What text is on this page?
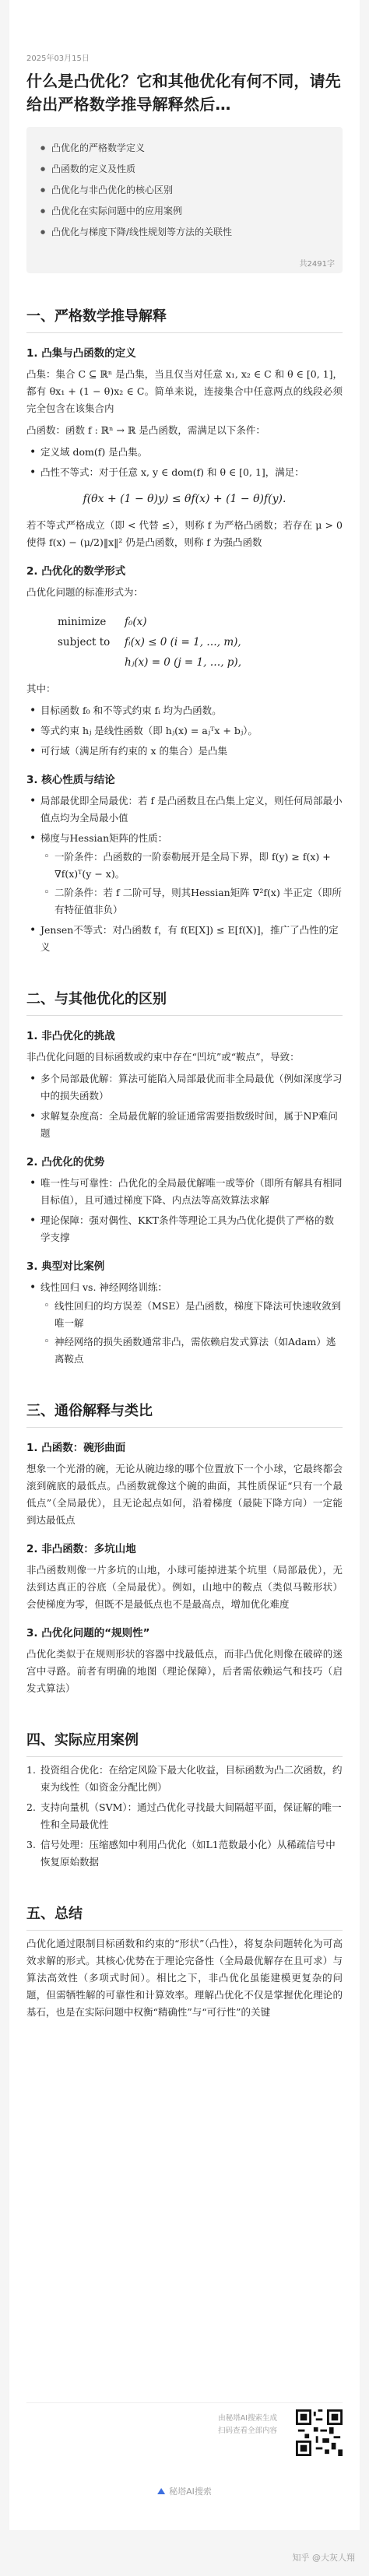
2025年03月15日
什么是凸优化？它和其他优化有何不同，请先给出严格数学推导解释然后…
● 凸优化的严格数学定义
● 凸函数的定义及性质
● 凸优化与非凸优化的核心区别
● 凸优化在实际问题中的应用案例
● 凸优化与梯度下降/线性规划等方法的关联性
共2491字
一、严格数学推导解释
1. 凸集与凸函数的定义

凸集：集合 C ⊆ ℝⁿ 是凸集，当且仅当对任意 x₁, x₂ ∈ C 和 θ ∈ [0, 1]，都有 θx₁ + (1 − θ)x₂ ∈ C。简单来说，连接集合中任意两点的线段必须完全包含在该集合内

凸函数：函数 f : ℝⁿ → ℝ 是凸函数，需满足以下条件：

• 定义域 dom(f) 是凸集。
• 凸性不等式：对于任意 x, y ∈ dom(f) 和 θ ∈ [0, 1]，满足：
f(θx + (1 − θ)y) ≤ θf(x) + (1 − θ)f(y).

若不等式严格成立（即 < 代替 ≤），则称 f 为严格凸函数；若存在 μ > 0 使得 f(x) − (μ/2)‖x‖² 仍是凸函数，则称 f 为强凸函数

2. 凸优化的数学形式

凸优化问题的标准形式为：

minimize	f₀(x)
subject to	fᵢ(x) ≤ 0 (i = 1, …, m),
hⱼ(x) = 0 (j = 1, …, p),

其中：

• 目标函数 f₀ 和不等式约束 fᵢ 均为凸函数。
• 等式约束 hⱼ 是线性函数（即 hⱼ(x) = aⱼᵀx + bⱼ）。
• 可行域（满足所有约束的 x 的集合）是凸集
3. 核心性质与结论
• 局部最优即全局最优：若 f 是凸函数且在凸集上定义，则任何局部最小值点均为全局最小值
• 梯度与Hessian矩阵的性质：
◦ 一阶条件：凸函数的一阶泰勒展开是全局下界，即 f(y) ≥ f(x) + ∇f(x)ᵀ(y − x)。
◦ 二阶条件：若 f 二阶可导，则其Hessian矩阵 ∇²f(x) 半正定（即所有特征值非负）
• Jensen不等式：对凸函数 f，有 f(E[X]) ≤ E[f(X)]，推广了凸性的定义
二、与其他优化的区别
1. 非凸优化的挑战

非凸优化问题的目标函数或约束中存在“凹坑”或“鞍点”，导致：

• 多个局部最优解：算法可能陷入局部最优而非全局最优（例如深度学习中的损失函数）
• 求解复杂度高：全局最优解的验证通常需要指数级时间，属于NP难问题
2. 凸优化的优势
• 唯一性与可靠性：凸优化的全局最优解唯一或等价（即所有解具有相同目标值），且可通过梯度下降、内点法等高效算法求解
• 理论保障：强对偶性、KKT条件等理论工具为凸优化提供了严格的数学支撑
3. 典型对比案例
• 线性回归 vs. 神经网络训练：
◦ 线性回归的均方误差（MSE）是凸函数，梯度下降法可快速收敛到唯一解
◦ 神经网络的损失函数通常非凸，需依赖启发式算法（如Adam）逃离鞍点
三、通俗解释与类比
1. 凸函数：碗形曲面

想象一个光滑的碗，无论从碗边缘的哪个位置放下一个小球，它最终都会滚到碗底的最低点。凸函数就像这个碗的曲面，其性质保证“只有一个最低点”（全局最优），且无论起点如何，沿着梯度（最陡下降方向）一定能到达最低点

2. 非凸函数：多坑山地

非凸函数则像一片多坑的山地，小球可能掉进某个坑里（局部最优），无法到达真正的谷底（全局最优）。例如，山地中的鞍点（类似马鞍形状）会使梯度为零，但既不是最低点也不是最高点，增加优化难度

3. 凸优化问题的“规则性”

凸优化类似于在规则形状的容器中找最低点，而非凸优化则像在破碎的迷宫中寻路。前者有明确的地图（理论保障），后者需依赖运气和技巧（启发式算法）

四、实际应用案例
1. 投资组合优化：在给定风险下最大化收益，目标函数为凸二次函数，约束为线性（如资金分配比例）
2. 支持向量机（SVM）：通过凸优化寻找最大间隔超平面，保证解的唯一性和全局最优性
3. 信号处理：压缩感知中利用凸优化（如L1范数最小化）从稀疏信号中恢复原始数据
五、总结

凸优化通过限制目标函数和约束的“形状”（凸性），将复杂问题转化为可高效求解的形式。其核心优势在于理论完备性（全局最优解存在且可求）与算法高效性（多项式时间）。相比之下，非凸优化虽能建模更复杂的问题，但需牺牲解的可靠性和计算效率。理解凸优化不仅是掌握优化理论的基石，也是在实际问题中权衡“精确性”与“可行性”的关键

由秘塔AI搜索生成
扫码查看全部内容
秘塔AI搜索
知乎 @大灰人翔
